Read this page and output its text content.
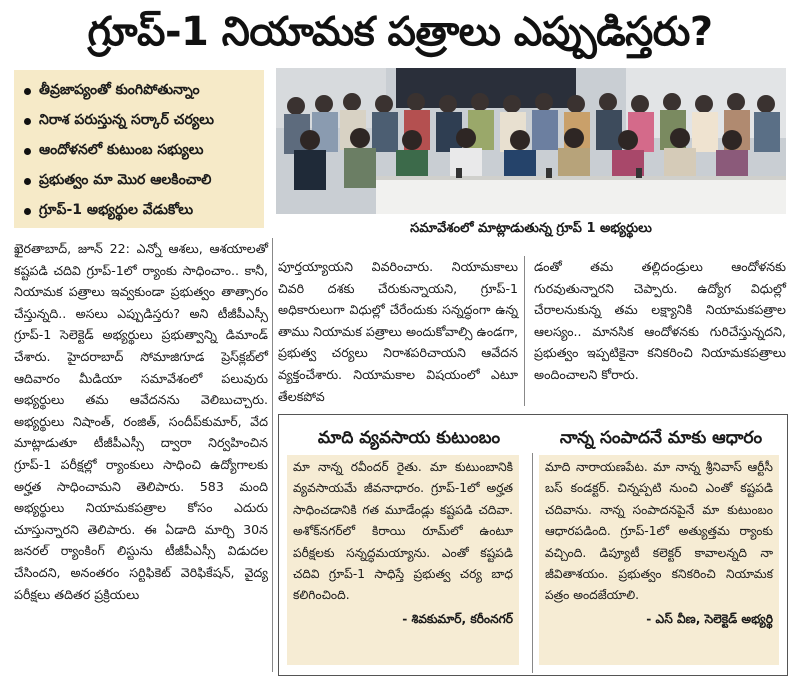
గ్రూప్-1 నియామక పత్రాలు ఎప్పుడిస్తరు?
తీవ్రజాప్యంతో కుంగిపోతున్నాం
నిరాశ పరుస్తున్న సర్కార్ చర్యలు
ఆందోళనలో కుటుంబ సభ్యులు
ప్రభుత్వం మా మొర ఆలకించాలి
గ్రూప్-1 అభ్యర్థుల వేడుకోలు
సమావేశంలో మాట్లాడుతున్న గ్రూప్ 1 అభ్యర్థులు
ఖైరతాబాద్, జూన్ 22: ఎన్నో ఆశలు, ఆశయాలతో కష్టపడి చదివి గ్రూప్-1లో ర్యాంకు సాధించాం.. కానీ, నియామక పత్రాలు ఇవ్వకుండా ప్రభుత్వం తాత్సారం చేస్తున్నది.. అసలు ఎప్పుడిస్తరు? అని టీజీపీఎస్సీ గ్రూప్-1 సెలెక్టెడ్ అభ్యర్థులు ప్రభుత్వాన్ని డిమాండ్ చేశారు. హైదరాబాద్ సోమాజిగూడ ప్రెస్‌క్లబ్‌లో ఆదివారం మీడియా సమావేశంలో పలువురు అభ్యర్థులు తమ ఆవేదనను వెలిబుచ్చారు. అభ్యర్థులు నిషాంత్, రంజిత్, సందీప్‌కుమార్, వేద మాట్లాడుతూ టీజీపీఎస్సీ ద్వారా నిర్వహించిన గ్రూప్-1 పరీక్షల్లో ర్యాంకులు సాధించి ఉద్యోగాలకు అర్హత సాధించామని తెలిపారు. 583 మంది అభ్యర్థులు నియామకపత్రాల కోసం ఎదురు చూస్తున్నారని తెలిపారు. ఈ ఏడాది మార్చి 30న జనరల్ ర్యాంకింగ్ లిస్టును టీజీపీఎస్సీ విడుదల చేసిందని, అనంతరం సర్టిఫికెట్ వెరిఫికేషన్, వైద్య పరీక్షలు తదితర ప్రక్రియలు
పూర్తయ్యాయని వివరించారు. నియామకాలు చివరి దశకు చేరుకున్నాయని, గ్రూప్-1 అధికారులుగా విధుల్లో చేరేందుకు సన్నద్ధంగా ఉన్న తాము నియామక పత్రాలు అందుకోవాల్సి ఉండగా, ప్రభుత్వ చర్యలు నిరాశపరిచాయని ఆవేదన వ్యక్తంచేశారు. నియామకాల విషయంలో ఎటూ తేలకపోవ
డంతో తమ తల్లిదండ్రులు ఆందోళనకు గురవుతున్నారని చెప్పారు. ఉద్యోగ విధుల్లో చేరాలనుకున్న తమ లక్ష్యానికి నియామకపత్రాల ఆలస్యం.. మానసిక ఆందోళనకు గురిచేస్తున్నదని, ప్రభుత్వం ఇప్పటికైనా కనికరించి నియామకపత్రాలు అందించాలని కోరారు.
మాది వ్యవసాయ కుటుంబం	నాన్న సంపాదనే మాకు ఆధారం
మా నాన్న రవీందర్ రైతు. మా కుటుంబానికి వ్యవసాయమే జీవనాధారం. గ్రూప్-1లో అర్హత సాధించడానికి గత మూడేండ్లు కష్టపడి చదివా. అశోక్‌నగర్‌లో కిరాయి రూమ్‌లో ఉంటూ పరీక్షలకు సన్నద్ధమయ్యాను. ఎంతో కష్టపడి చదివి గ్రూప్-1 సాధిస్తే ప్రభుత్వ చర్య బాధ కలిగించింది.
- శివకుమార్, కరీంనగర్
మాది నారాయణపేట. మా నాన్న శ్రీనివాస్ ఆర్టీసీ బస్ కండక్టర్. చిన్నప్పటి నుంచి ఎంతో కష్టపడి చదివాను. నాన్న సంపాదనపైనే మా కుటుంబం ఆధారపడింది. గ్రూప్-1లో అత్యుత్తమ ర్యాంకు వచ్చింది. డిప్యూటీ కలెక్టర్ కావాలన్నది నా జీవితాశయం. ప్రభుత్వం కనికరించి నియామక పత్రం అందజేయాలి.
- ఎస్ వీణ, సెలెక్టెడ్ అభ్యర్థి
